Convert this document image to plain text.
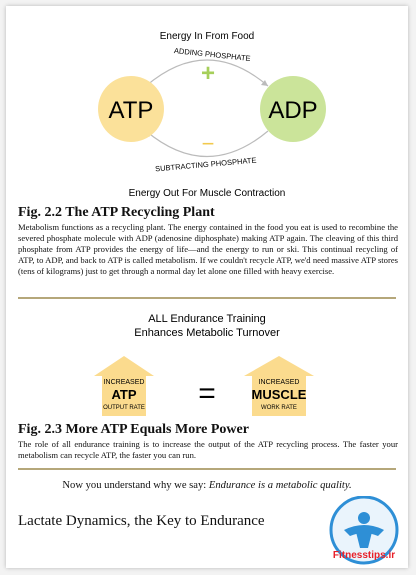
Energy In From Food
ADDING PHOSPHATE
+
ATP	ADP
−
SUBTRACTING PHOSPHATE
Energy Out For Muscle Contraction

Fig. 2.2 The ATP Recycling Plant

Metabolism functions as a recycling plant. The energy contained in the food you eat is used to recombine the severed phosphate molecule with ADP (adenosine diphosphate) making ATP again. The cleaving of this third phosphate from ATP provides the energy of life—and the energy to run or ski. This continual recycling of ATP, to ADP, and back to ATP is called metabolism. If we couldn't recycle ATP, we'd need massive ATP stores (tens of kilograms) just to get through a normal day let alone one filled with heavy exercise.

ALL Endurance Training
Enhances Metabolic Turnover
INCREASED
ATP
OUTPUT RATE =	INCREASED
MUSCLE
WORK RATE

Fig. 2.3 More ATP Equals More Power

The role of all endurance training is to increase the output of the ATP recycling process. The faster your metabolism can recycle ATP, the faster you can run.

Now you understand why we say: Endurance is a metabolic quality.
Lactate Dynamics, the Key to Endurance
Fitnesstips.ir
